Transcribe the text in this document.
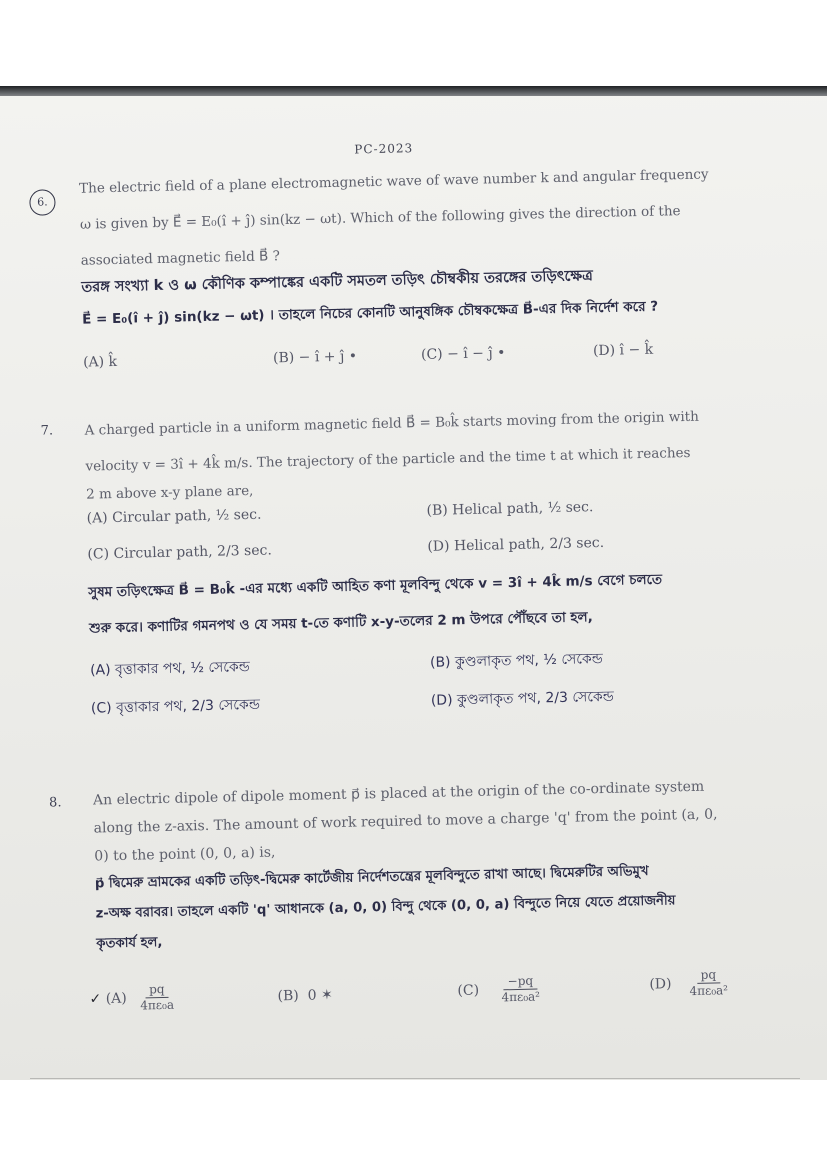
PC-2023
6.
The electric field of a plane electromagnetic wave of wave number k and angular frequency
ω is given by E⃗ = E₀(î + ĵ) sin(kz − ωt). Which of the following gives the direction of the
associated magnetic field B⃗ ?
তরঙ্গ সংখ্যা k ও ω কৌণিক কম্পাঙ্কের একটি সমতল তড়িৎ চৌম্বকীয় তরঙ্গের তড়িৎক্ষেত্র
E⃗ = E₀(î + ĵ) sin(kz − ωt) । তাহলে নিচের কোনটি আনুষঙ্গিক চৌম্বকক্ষেত্র B⃗-এর দিক নির্দেশ করে ?
(A) k̂	(B) − î + ĵ •	(C) − î − ĵ •	(D) î − k̂
7. A charged particle in a uniform magnetic field B⃗ = B₀k̂ starts moving from the origin with
velocity v = 3î + 4k̂ m/s. The trajectory of the particle and the time t at which it reaches
2 m above x-y plane are,
(A) Circular path, ½ sec.	(B) Helical path, ½ sec.
(C) Circular path, 2/3 sec.	(D) Helical path, 2/3 sec.
সুষম তড়িৎক্ষেত্র B⃗ = B₀k̂ -এর মধ্যে একটি আহিত কণা মূলবিন্দু থেকে v = 3î + 4k̂ m/s বেগে চলতে
শুরু করে। কণাটির গমনপথ ও যে সময় t-তে কণাটি x-y-তলের 2 m উপরে পৌঁছবে তা হল,
(A) বৃত্তাকার পথ, ½ সেকেন্ড	(B) কুণ্ডলাকৃত পথ, ½ সেকেন্ড
(C) বৃত্তাকার পথ, 2/3 সেকেন্ড	(D) কুণ্ডলাকৃত পথ, 2/3 সেকেন্ড
8. An electric dipole of dipole moment p⃗ is placed at the origin of the co-ordinate system
along the z-axis. The amount of work required to move a charge 'q' from the point (a, 0,
0) to the point (0, 0, a) is,
p⃗ দ্বিমেরু ভ্রামকের একটি তড়িৎ-দ্বিমেরু কার্টেজীয় নির্দেশতন্ত্রের মূলবিন্দুতে রাখা আছে। দ্বিমেরুটির অভিমুখ
z-অক্ষ বরাবর। তাহলে একটি 'q' আধানকে (a, 0, 0) বিন্দু থেকে (0, 0, a) বিন্দুতে নিয়ে যেতে প্রয়োজনীয়
কৃতকার্য হল,
✓ $(A) \frac{pq}{\text{4πε₀a}}$	(B) 0 ✶	$(C) \frac{-pq}{\text{4πε₀a²}}$	$(D) \frac{pq}{\text{4πε₀a²}}$
